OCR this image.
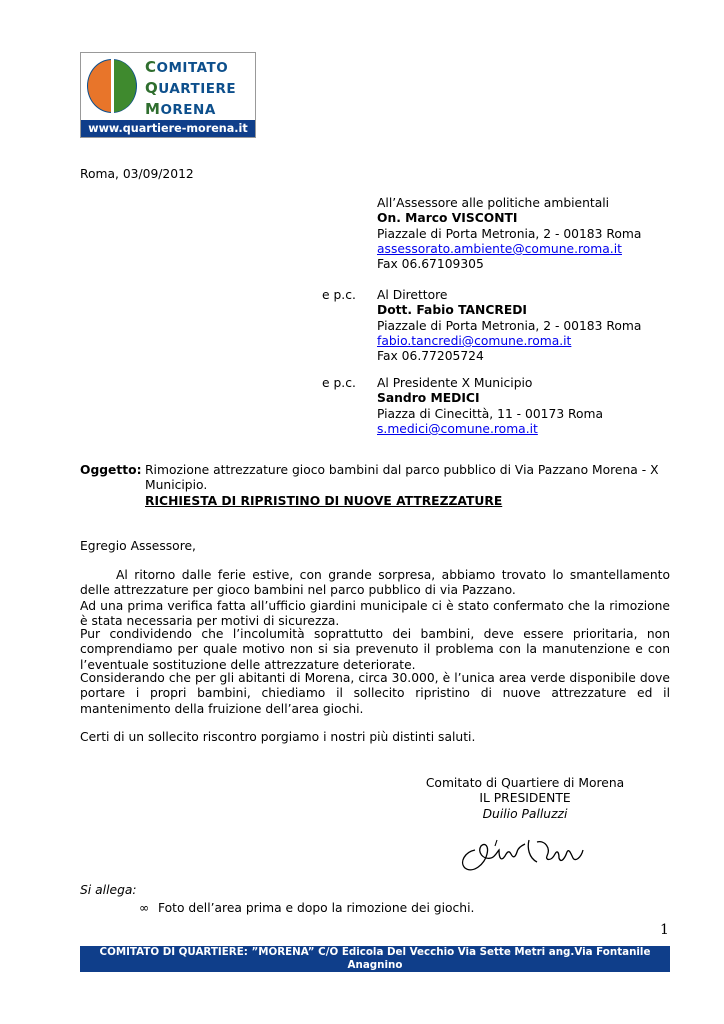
COMITATO
QUARTIERE
MORENA
www.quartiere-morena.it
Roma, 03/09/2012
All’Assessore alle politiche ambientali
On. Marco VISCONTI
Piazzale di Porta Metronia, 2 - 00183 Roma
assessorato.ambiente@comune.roma.it
Fax 06.67109305
e p.c. Al Direttore
Dott. Fabio TANCREDI
Piazzale di Porta Metronia, 2 - 00183 Roma
fabio.tancredi@comune.roma.it
Fax 06.77205724
e p.c. Al Presidente X Municipio
Sandro MEDICI
Piazza di Cinecittà, 11 - 00173 Roma
s.medici@comune.roma.it
Oggetto: Rimozione attrezzature gioco bambini dal parco pubblico di Via Pazzano Morena - X
Municipio.
RICHIESTA DI RIPRISTINO DI NUOVE ATTREZZATURE
Egregio Assessore,
Al ritorno dalle ferie estive, con grande sorpresa, abbiamo trovato lo smantellamento delle attrezzature per gioco bambini nel parco pubblico di via Pazzano.
Ad una prima verifica fatta all’ufficio giardini municipale ci è stato confermato che la rimozione è stata necessaria per motivi di sicurezza.
Pur condividendo che l’incolumità soprattutto dei bambini, deve essere prioritaria, non comprendiamo per quale motivo non si sia prevenuto il problema con la manutenzione e con l’eventuale sostituzione delle attrezzature deteriorate.
Considerando che per gli abitanti di Morena, circa 30.000, è l’unica area verde disponibile dove portare i propri bambini, chiediamo il sollecito ripristino di nuove attrezzature ed il mantenimento della fruizione dell’area giochi.
Certi di un sollecito riscontro porgiamo i nostri più distinti saluti.
Comitato di Quartiere di Morena
IL PRESIDENTE
Duilio Palluzzi
Si allega:
∞ Foto dell’area prima e dopo la rimozione dei giochi.
1
COMITATO DI QUARTIERE: ”MORENA” C/O Edicola Del Vecchio Via Sette Metri ang.Via Fontanile Anagnino
00118 Morena (RM) – rec. tel / fax 06 – 79847295 * E-mail: cdqmorena@quartiere-morena.it
